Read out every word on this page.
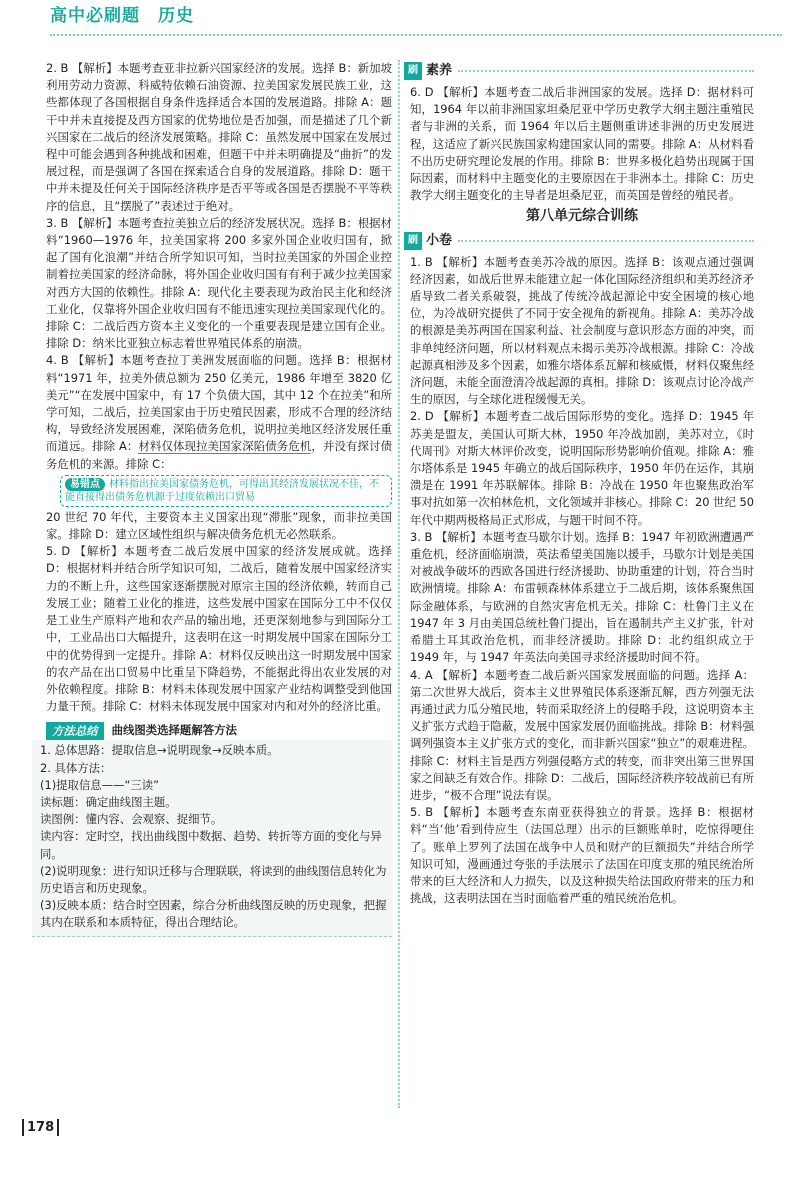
高中必刷题　历史

2. B 【解析】本题考查亚非拉新兴国家经济的发展。选择 B：新加坡利用劳动力资源、科威特依赖石油资源、拉美国家发展民族工业，这些都体现了各国根据自身条件选择适合本国的发展道路。排除 A：题干中并未直接提及西方国家的优势地位是否加强，而是描述了几个新兴国家在二战后的经济发展策略。排除 C：虽然发展中国家在发展过程中可能会遇到各种挑战和困难，但题干中并未明确提及“曲折”的发展过程，而是强调了各国在探索适合自身的发展道路。排除 D：题干中并未提及任何关于国际经济秩序是否平等或各国是否摆脱不平等秩序的信息，且“摆脱了”表述过于绝对。

3. B 【解析】本题考查拉美独立后的经济发展状况。选择 B：根据材料“1960—1976 年，拉美国家将 200 多家外国企业收归国有，掀起了国有化浪潮”并结合所学知识可知，当时拉美国家的外国企业控制着拉美国家的经济命脉，将外国企业收归国有有利于减少拉美国家对西方大国的依赖性。排除 A：现代化主要表现为政治民主化和经济工业化，仅靠将外国企业收归国有不能迅速实现拉美国家现代化的。排除 C：二战后西方资本主义变化的一个重要表现是建立国有企业。排除 D：纳米比亚独立标志着世界殖民体系的崩溃。

4. B 【解析】本题考查拉丁美洲发展面临的问题。选择 B：根据材料“1971 年，拉美外债总额为 250 亿美元，1986 年增至 3820 亿美元”“在发展中国家中，有 17 个负债大国，其中 12 个在拉美”和所学可知，二战后，拉美国家由于历史殖民因素，形成不合理的经济结构，导致经济发展困难，深陷债务危机，说明拉美地区经济发展任重而道远。排除 A：材料仅体现拉美国家深陷债务危机，并没有探讨债务危机的来源。排除 C：

易错点 材料指出拉美国家债务危机，可得出其经济发展状况不佳，不能直接得出债务危机源于过度依赖出口贸易

20 世纪 70 年代，主要资本主义国家出现“滞胀”现象，而非拉美国家。排除 D：建立区域性组织与解决债务危机无必然联系。

5. D 【解析】本题考查二战后发展中国家的经济发展成就。选择 D：根据材料并结合所学知识可知，二战后，随着发展中国家经济实力的不断上升，这些国家逐渐摆脱对原宗主国的经济依赖，转而自己发展工业；随着工业化的推进，这些发展中国家在国际分工中不仅仅是工业生产原料产地和农产品的输出地，还更深刻地参与到国际分工中，工业品出口大幅提升，这表明在这一时期发展中国家在国际分工中的优势得到一定提升。排除 A：材料仅反映出这一时期发展中国家的农产品在出口贸易中比重呈下降趋势，不能据此得出农业发展的对外依赖程度。排除 B：材料未体现发展中国家产业结构调整受到他国力量干预。排除 C：材料未体现发展中国家对内和对外的经济比重。

方法总结	曲线图类选择题解答方法
1. 总体思路：提取信息→说明现象→反映本质。
2. 具体方法：
(1)提取信息——“三读”
读标题：确定曲线图主题。
读图例：懂内容、会观察、捉细节。
读内容：定时空，找出曲线图中数据、趋势、转折等方面的变化与异同。
(2)说明现象：进行知识迁移与合理联联，将读到的曲线图信息转化为历史语言和历史现象。
(3)反映本质：结合时空因素，综合分析曲线图反映的历史现象，把握其内在联系和本质特征，得出合理结论。
刷 素养

6. D 【解析】本题考查二战后非洲国家的发展。选择 D：据材料可知，1964 年以前非洲国家坦桑尼亚中学历史教学大纲主题注重殖民者与非洲的关系，而 1964 年以后主题侧重讲述非洲的历史发展进程，这适应了新兴民族国家构建国家认同的需要。排除 A：从材料看不出历史研究理论发展的作用。排除 B：世界多极化趋势出现属于国际因素，而材料中主题变化的主要原因在于非洲本土。排除 C：历史教学大纲主题变化的主导者是坦桑尼亚，而英国是曾经的殖民者。

第八单元综合训练
刷 小卷

1. B 【解析】本题考查美苏冷战的原因。选择 B：该观点通过强调经济因素，如战后世界未能建立起一体化国际经济组织和美苏经济矛盾导致二者关系破裂，挑战了传统冷战起源论中安全困境的核心地位，为冷战研究提供了不同于安全视角的新视角。排除 A：美苏冷战的根源是美苏两国在国家利益、社会制度与意识形态方面的冲突，而非单纯经济问题，所以材料观点未揭示美苏冷战根源。排除 C：冷战起源真相涉及多个因素，如雅尔塔体系瓦解和核威慑，材料仅聚焦经济问题，未能全面澄清冷战起源的真相。排除 D：该观点讨论冷战产生的原因，与全球化进程缓慢无关。

2. D 【解析】本题考查二战后国际形势的变化。选择 D：1945 年苏美是盟友，美国认可斯大林，1950 年冷战加剧，美苏对立，《时代周刊》对斯大林评价改变，说明国际形势影响价值观。排除 A：雅尔塔体系是 1945 年确立的战后国际秩序，1950 年仍在运作，其崩溃是在 1991 年苏联解体。排除 B：冷战在 1950 年也聚焦政治军事对抗如第一次柏林危机，文化领域并非核心。排除 C：20 世纪 50 年代中期两极格局正式形成，与题干时间不符。

3. B 【解析】本题考查马歇尔计划。选择 B：1947 年初欧洲遭遇严重危机，经济面临崩溃，英法希望美国施以援手，马歇尔计划是美国对被战争破坏的西欧各国进行经济援助、协助重建的计划，符合当时欧洲情境。排除 A：布雷顿森林体系建立于二战后期，该体系聚焦国际金融体系，与欧洲的自然灾害危机无关。排除 C：杜鲁门主义在 1947 年 3 月由美国总统杜鲁门提出，旨在遏制共产主义扩张，针对希腊土耳其政治危机，而非经济援助。排除 D：北约组织成立于 1949 年，与 1947 年英法向美国寻求经济援助时间不符。

4. A 【解析】本题考查二战后新兴国家发展面临的问题。选择 A：第二次世界大战后，资本主义世界殖民体系逐渐瓦解，西方列强无法再通过武力瓜分殖民地，转而采取经济上的侵略手段，这说明资本主义扩张方式趋于隐蔽，发展中国家发展仍面临挑战。排除 B：材料强调列强资本主义扩张方式的变化，而非新兴国家“独立”的艰难进程。排除 C：材料主旨是西方列强侵略方式的转变，而非突出第三世界国家之间缺乏有效合作。排除 D：二战后，国际经济秩序较战前已有所进步，“极不合理”说法有误。

5. B 【解析】本题考查东南亚获得独立的背景。选择 B：根据材料“当‘他’看到侍应生（法国总理）出示的巨额账单时，吃惊得哽住了。账单上罗列了法国在战争中人员和财产的巨额损失”并结合所学知识可知，漫画通过夸张的手法展示了法国在印度支那的殖民统治所带来的巨大经济和人力损失，以及这种损失给法国政府带来的压力和挑战，这表明法国在当时面临着严重的殖民统治危机。

178
